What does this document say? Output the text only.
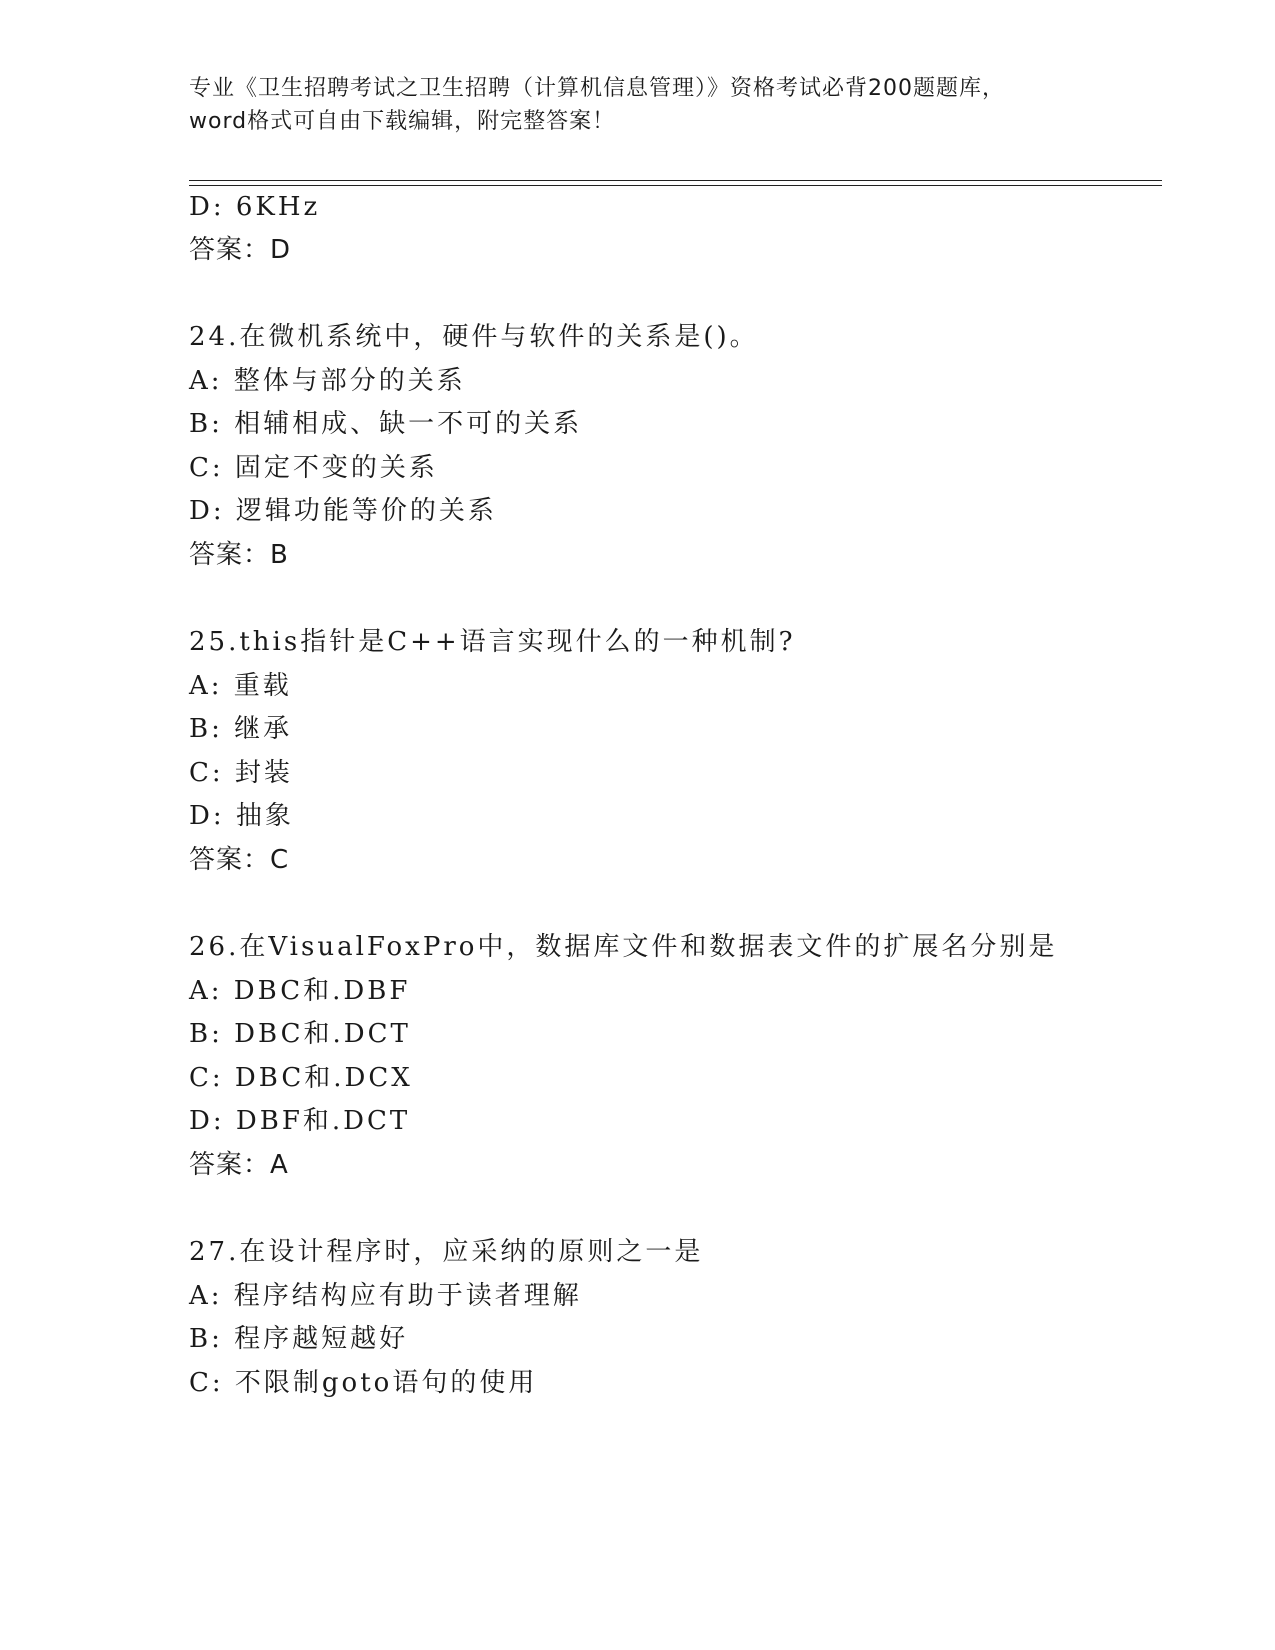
专业《卫生招聘考试之卫生招聘（计算机信息管理）》资格考试必背200题题库，
word格式可自由下载编辑，附完整答案！
D: 6KHz
答案：D
24.在微机系统中，硬件与软件的关系是()。
A: 整体与部分的关系
B: 相辅相成、缺一不可的关系
C: 固定不变的关系
D: 逻辑功能等价的关系
答案：B
25.this指针是C++语言实现什么的一种机制?
A: 重载
B: 继承
C: 封装
D: 抽象
答案：C
26.在VisualFoxPro中，数据库文件和数据表文件的扩展名分别是
A: DBC和.DBF
B: DBC和.DCT
C: DBC和.DCX
D: DBF和.DCT
答案：A
27.在设计程序时，应采纳的原则之一是
A: 程序结构应有助于读者理解
B: 程序越短越好
C: 不限制goto语句的使用
